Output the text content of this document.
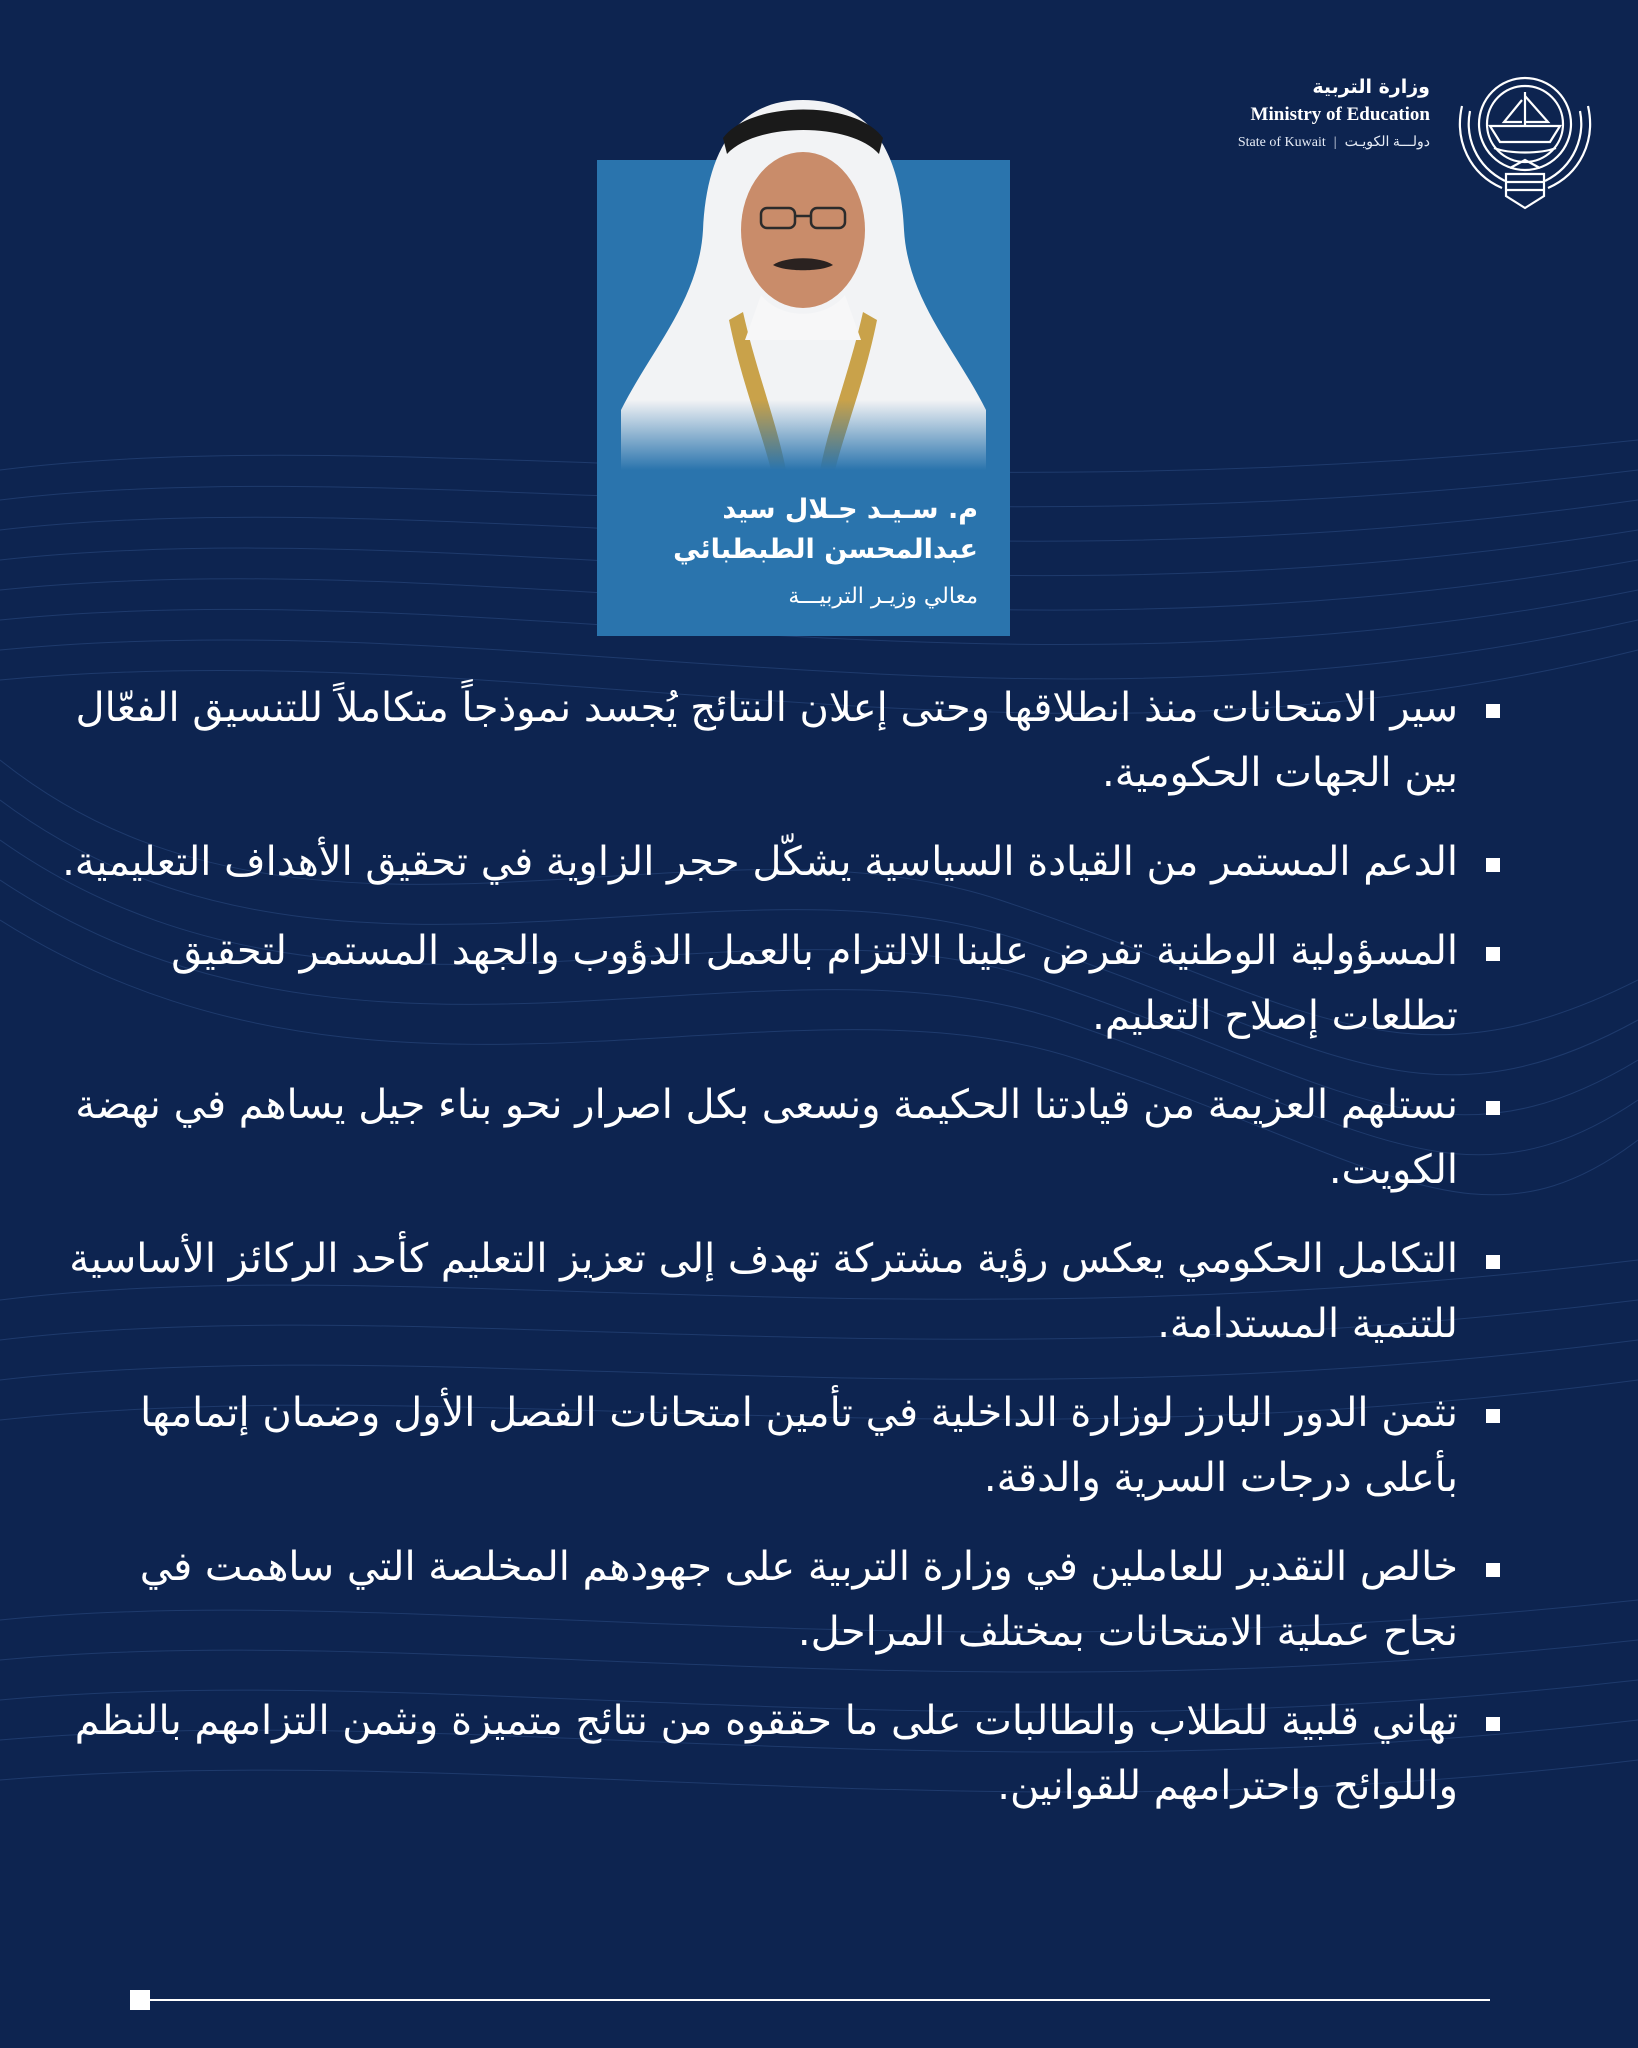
وزارة التربية
Ministry of Education
State of Kuwait | دولـــة الكويـت
م. سـيـد جـلال سيد
عبدالمحسن الطبطبائي
معالي وزيـر التربيـــة
سير الامتحانات منذ انطلاقها وحتى إعلان النتائج يُجسد نموذجاً متكاملاً للتنسيق الفعّال بين الجهات الحكومية.
الدعم المستمر من القيادة السياسية يشكّل حجر الزاوية في تحقيق الأهداف التعليمية.
المسؤولية الوطنية تفرض علينا الالتزام بالعمل الدؤوب والجهد المستمر لتحقيق تطلعات إصلاح التعليم.
نستلهم العزيمة من قيادتنا الحكيمة ونسعى بكل اصرار نحو بناء جيل يساهم في نهضة الكويت.
التكامل الحكومي يعكس رؤية مشتركة تهدف إلى تعزيز التعليم كأحد الركائز الأساسية للتنمية المستدامة.
نثمن الدور البارز لوزارة الداخلية في تأمين امتحانات الفصل الأول وضمان إتمامها بأعلى درجات السرية والدقة.
خالص التقدير للعاملين في وزارة التربية على جهودهم المخلصة التي ساهمت في نجاح عملية الامتحانات بمختلف المراحل.
تهاني قلبية للطلاب والطالبات على ما حققوه من نتائج متميزة ونثمن التزامهم بالنظم واللوائح واحترامهم للقوانين.
